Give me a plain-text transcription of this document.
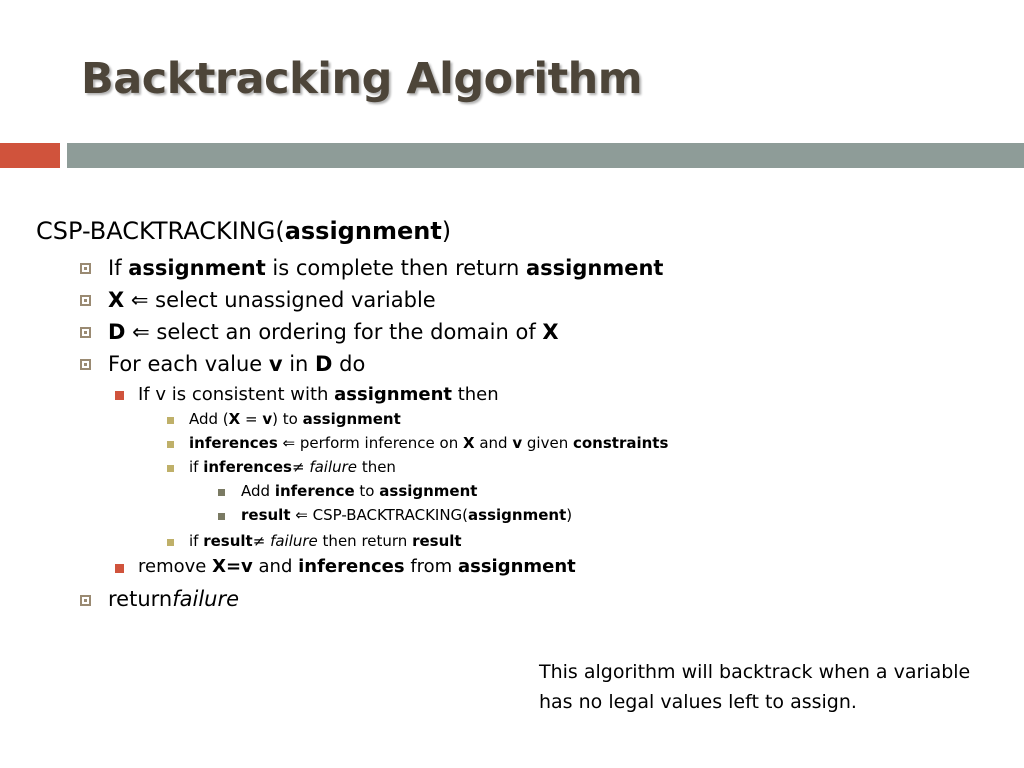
Backtracking Algorithm
CSP-BACKTRACKING(assignment)
If assignment is complete then return assignment
X ⇐ select unassigned variable
D ⇐ select an ordering for the domain of X
For each value v in D do
If v is consistent with assignment then
Add (X = v) to assignment
inferences ⇐ perform inference on X and v given constraints
if inferences≠ failure then
Add inference to assignment
result ⇐ CSP-BACKTRACKING(assignment)
if result≠ failure then return result
remove X=v and inferences from assignment
returnfailure
This algorithm will backtrack when a variable has no legal values left to assign.
